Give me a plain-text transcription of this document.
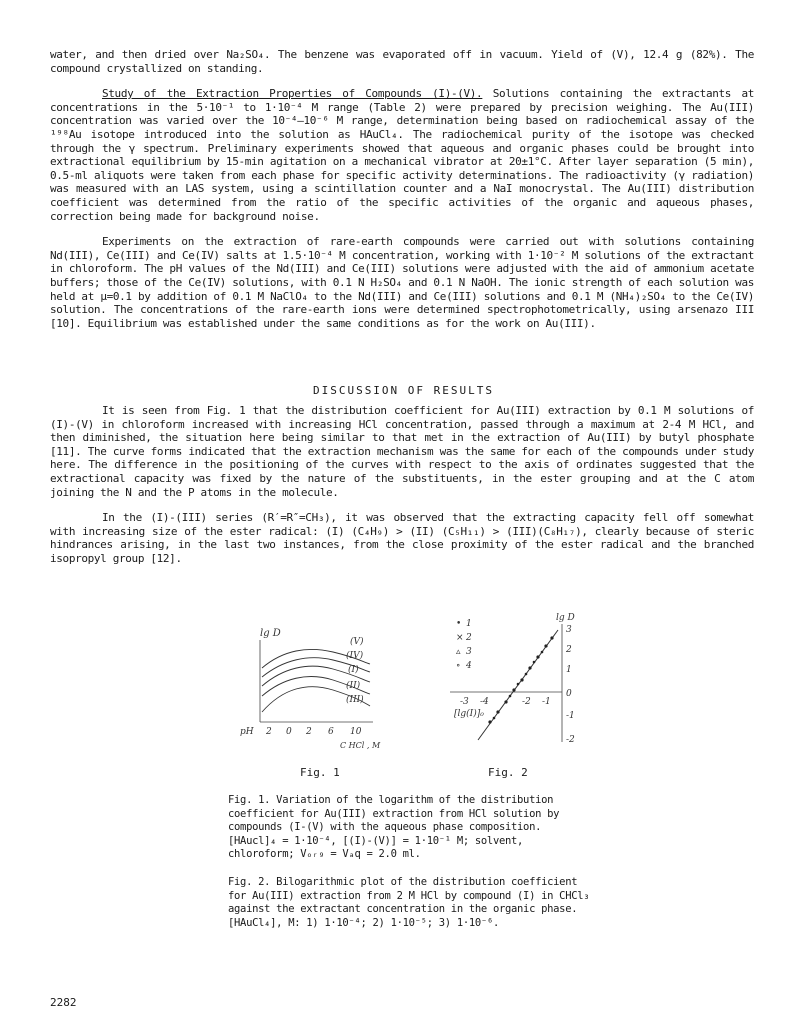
water, and then dried over Na₂SO₄. The benzene was evaporated off in vacuum. Yield of (V), 12.4 g (82%). The compound crystallized on standing.

Study of the Extraction Properties of Compounds (I)-(V). Solutions containing the extractants at concentrations in the 5·10⁻¹ to 1·10⁻⁴ M range (Table 2) were prepared by precision weighing. The Au(III) concentration was varied over the 10⁻⁴–10⁻⁶ M range, determination being based on radiochemical assay of the ¹⁹⁸Au isotope introduced into the solution as HAuCl₄. The radiochemical purity of the isotope was checked through the γ spectrum. Preliminary experiments showed that aqueous and organic phases could be brought into extractional equilibrium by 15-min agitation on a mechanical vibrator at 20±1°C. After layer separation (5 min), 0.5-ml aliquots were taken from each phase for specific activity determinations. The radioactivity (γ radiation) was measured with an LAS system, using a scintillation counter and a NaI monocrystal. The Au(III) distribution coefficient was determined from the ratio of the specific activities of the organic and aqueous phases, correction being made for background noise.

Experiments on the extraction of rare-earth compounds were carried out with solutions containing Nd(III), Ce(III) and Ce(IV) salts at 1.5·10⁻⁴ M concentration, working with 1·10⁻² M solutions of the extractant in chloroform. The pH values of the Nd(III) and Ce(III) solutions were adjusted with the aid of ammonium acetate buffers; those of the Ce(IV) solutions, with 0.1 N H₂SO₄ and 0.1 N NaOH. The ionic strength of each solution was held at μ=0.1 by addition of 0.1 M NaClO₄ to the Nd(III) and Ce(III) solutions and 0.1 M (NH₄)₂SO₄ to the Ce(IV) solution. The concentrations of the rare-earth ions were determined spectrophotometrically, using arsenazo III [10]. Equilibrium was established under the same conditions as for the work on Au(III).

DISCUSSION OF RESULTS

It is seen from Fig. 1 that the distribution coefficient for Au(III) extraction by 0.1 M solutions of (I)-(V) in chloroform increased with increasing HCl concentration, passed through a maximum at 2-4 M HCl, and then diminished, the situation here being similar to that met in the extraction of Au(III) by butyl phosphate [11]. The curve forms indicated that the extraction mechanism was the same for each of the compounds under study here. The difference in the positioning of the curves with respect to the axis of ordinates suggested that the extractional capacity was fixed by the nature of the substituents, in the ester grouping and at the C atom joining the N and the P atoms in the molecule.

In the (I)-(III) series (R′=R″=CH₃), it was observed that the extracting capacity fell off somewhat with increasing size of the ester radical: (I) (C₄H₉) > (II) (C₅H₁₁) > (III)(C₈H₁₇), clearly because of steric hindrances arising, in the last two instances, from the close proximity of the ester radical and the branched isopropyl group [12].

lg D
(V)
(IV)
(I)
(II)
(III)
pH 2 0 2 6 10
C HCl , M
• 1
× 2
▵ 3
∘ 4
lg D
3
2
1
0
-1
-2
-3 -4	-2 -1
[lg(I)]₀
Fig. 1	Fig. 2

Fig. 1. Variation of the logarithm of the distribution coefficient for Au(III) extraction from HCl solution by compounds (I-(V) with the aqueous phase composition. [HAucl]₄ = 1·10⁻⁴, [(I)-(V)] = 1·10⁻¹ M; solvent, chloroform; Vₒᵣ₉ = Vₐq = 2.0 ml.

Fig. 2. Bilogarithmic plot of the distribution coefficient for Au(III) extraction from 2 M HCl by compound (I) in CHCl₃ against the extractant concentration in the organic phase. [HAuCl₄], M: 1) 1·10⁻⁴; 2) 1·10⁻⁵; 3) 1·10⁻⁶.

2282
